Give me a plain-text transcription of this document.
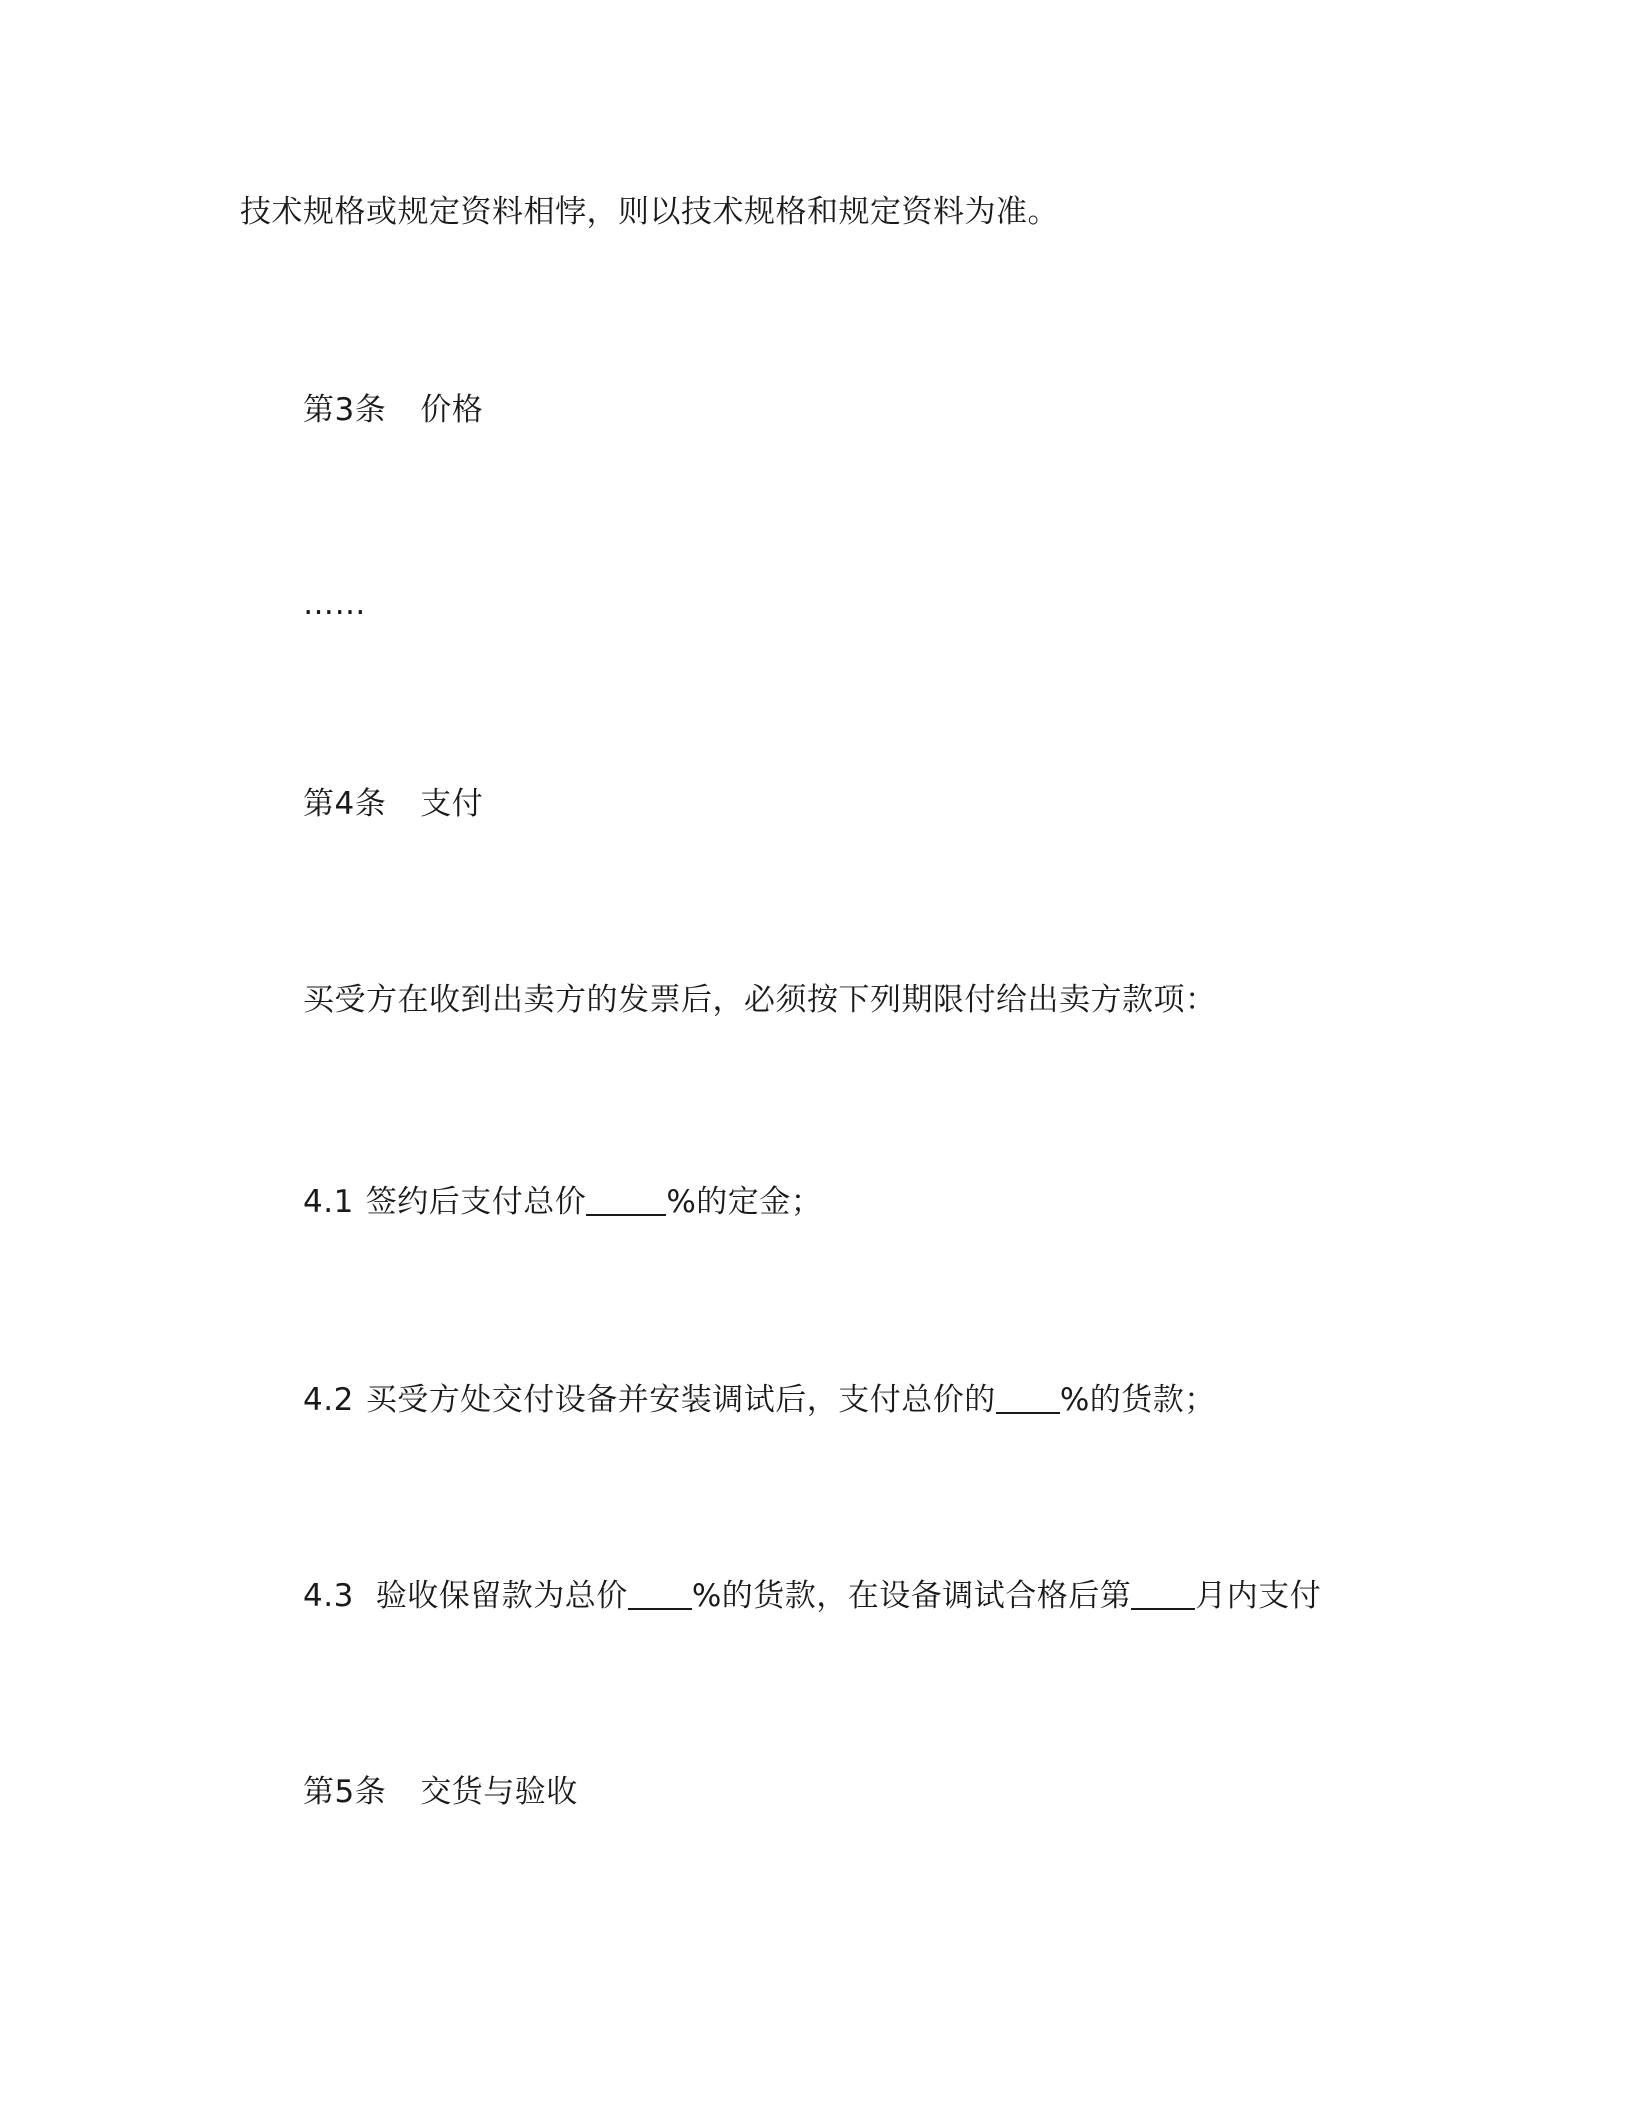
技术规格或规定资料相悖，则以技术规格和规定资料为准。
第3条 价格
……
第4条 支付
买受方在收到出卖方的发票后，必须按下列期限付给出卖方款项：
4.1 签约后支付总价	%的定金；
4.2 买受方处交付设备并安装调试后，支付总价的 %的货款；
4.3 验收保留款为总价 %的货款，在设备调试合格后第 月内支付
第5条 交货与验收
